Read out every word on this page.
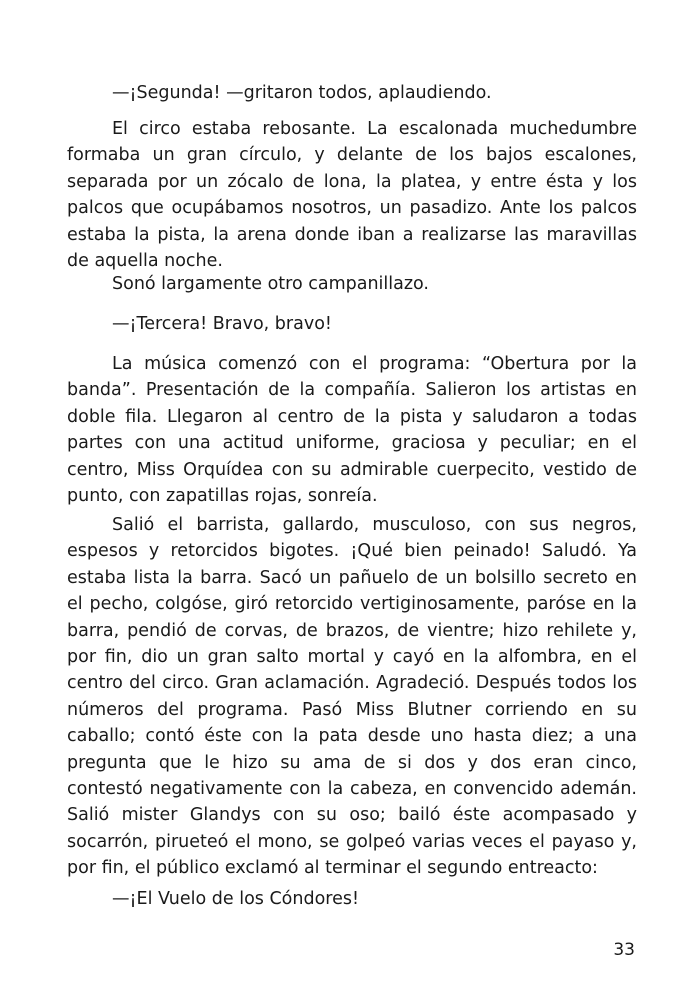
—¡Segunda! —gritaron todos, aplaudiendo.
El circo estaba rebosante. La escalonada muchedumbre formaba un gran círculo, y delante de los bajos escalones, separada por un zócalo de lona, la platea, y entre ésta y los palcos que ocupábamos nosotros, un pasadizo. Ante los palcos estaba la pista, la arena donde iban a realizarse las maravillas de aquella noche.
Sonó largamente otro campanillazo.
—¡Tercera! Bravo, bravo!
La música comenzó con el programa: “Obertura por la banda”. Presentación de la compañía. Salieron los artistas en doble fila. Llegaron al centro de la pista y saludaron a todas partes con una actitud uniforme, graciosa y peculiar; en el centro, Miss Orquídea con su admirable cuerpecito, vestido de punto, con zapatillas rojas, sonreía.
Salió el barrista, gallardo, musculoso, con sus negros, espesos y retorcidos bigotes. ¡Qué bien peinado! Saludó. Ya estaba lista la barra. Sacó un pañuelo de un bolsillo secreto en el pecho, colgóse, giró retorcido vertiginosamente, paróse en la barra, pendió de corvas, de brazos, de vientre; hizo rehilete y, por fin, dio un gran salto mortal y cayó en la alfombra, en el centro del circo. Gran aclamación. Agradeció. Después todos los números del programa. Pasó Miss Blutner corriendo en su caballo; contó éste con la pata desde uno hasta diez; a una pregunta que le hizo su ama de si dos y dos eran cinco, contestó negativamente con la cabeza, en convencido ademán. Salió mister Glandys con su oso; bailó éste acompasado y socarrón, pirueteó el mono, se golpeó varias veces el payaso y, por fin, el público exclamó al terminar el segundo entreacto:
—¡El Vuelo de los Cóndores!
33
